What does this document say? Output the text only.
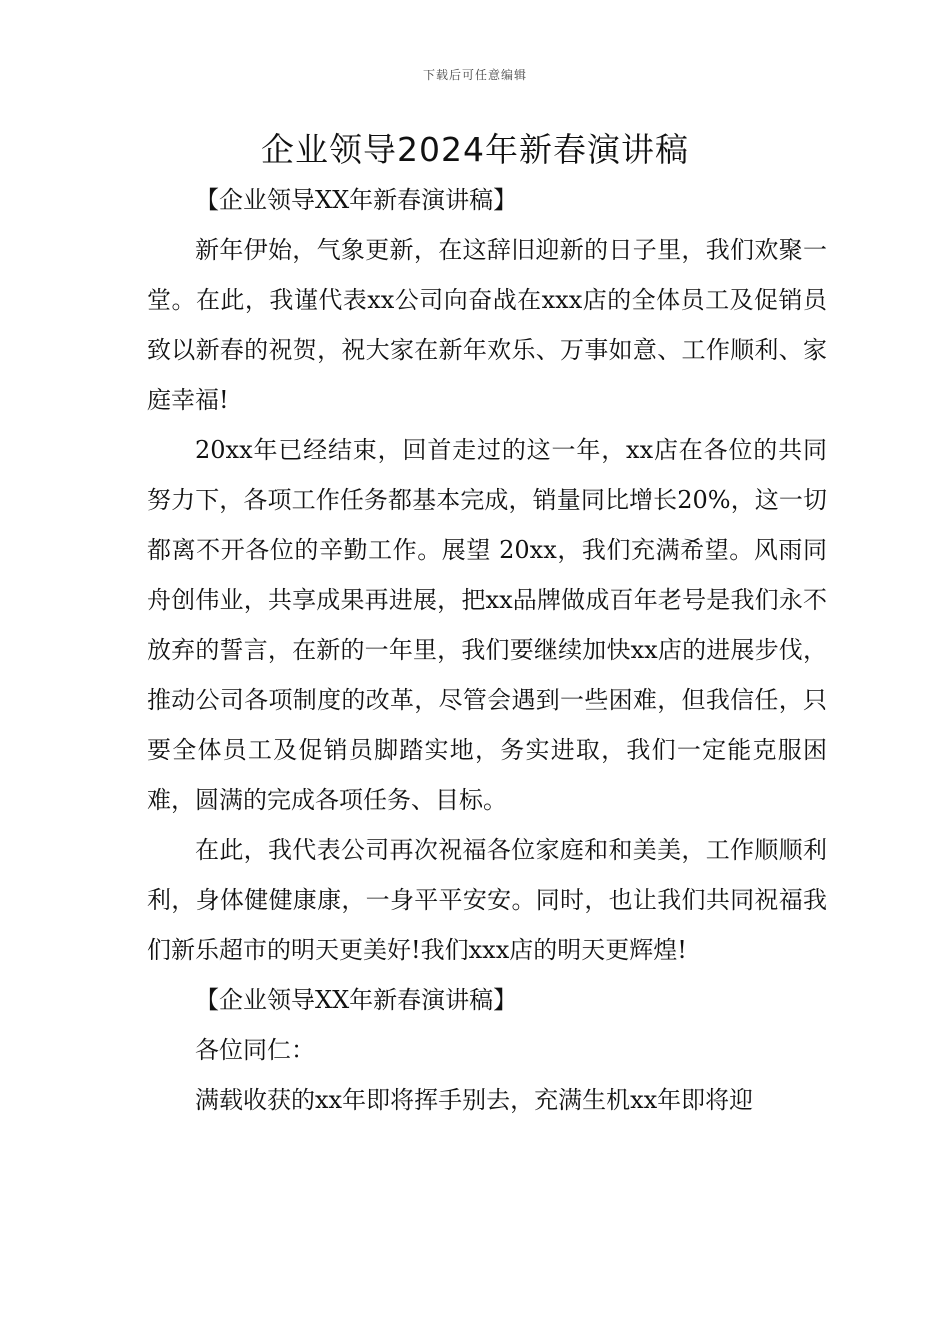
下载后可任意编辑
企业领导2024年新春演讲稿

【企业领导XX年新春演讲稿】

新年伊始，气象更新，在这辞旧迎新的日子里，我们欢聚一堂。在此，我谨代表xx公司向奋战在xxx店的全体员工及促销员致以新春的祝贺，祝大家在新年欢乐、万事如意、工作顺利、家庭幸福!

20xx年已经结束，回首走过的这一年，xx店在各位的共同努力下，各项工作任务都基本完成，销量同比增长20%，这一切都离不开各位的辛勤工作。展望 20xx，我们充满希望。风雨同舟创伟业，共享成果再进展，把xx品牌做成百年老号是我们永不放弃的誓言，在新的一年里，我们要继续加快xx店的进展步伐，推动公司各项制度的改革，尽管会遇到一些困难，但我信任，只要全体员工及促销员脚踏实地，务实进取，我们一定能克服困难，圆满的完成各项任务、目标。

在此，我代表公司再次祝福各位家庭和和美美，工作顺顺利利，身体健健康康，一身平平安安。同时，也让我们共同祝福我们新乐超市的明天更美好!我们xxx店的明天更辉煌!

【企业领导XX年新春演讲稿】

各位同仁：

满载收获的xx年即将挥手别去，充满生机xx年即将迎
